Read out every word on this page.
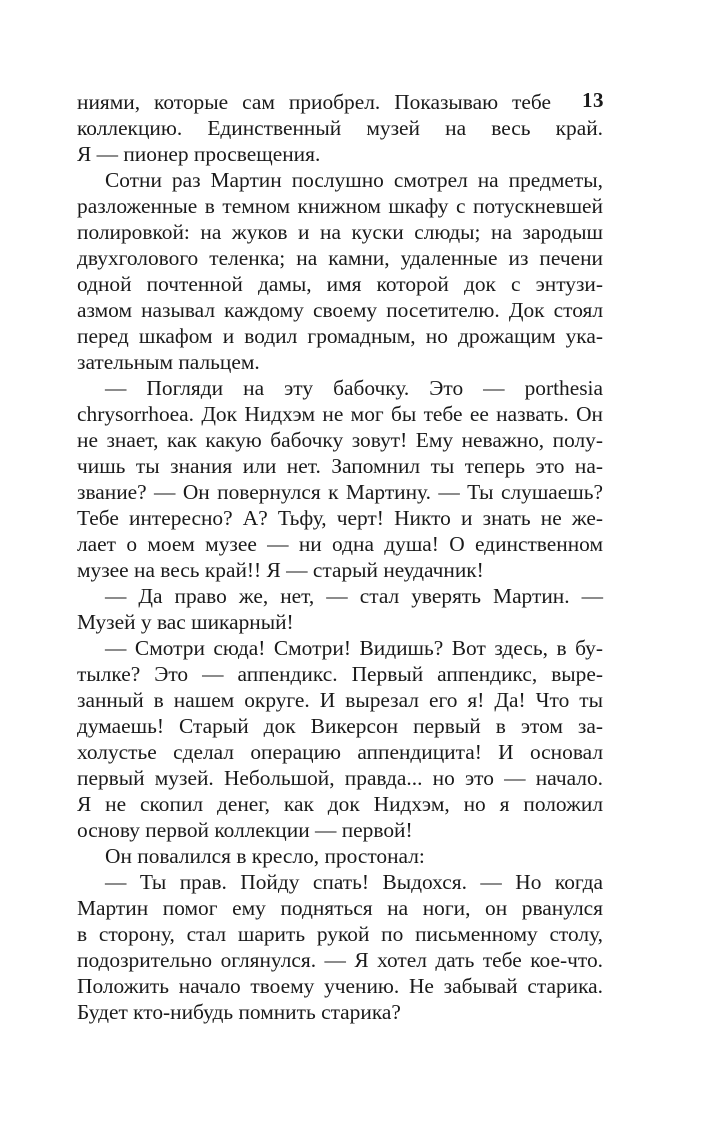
13
ниями, которые сам приобрел. Показываю тебе
коллекцию. Единственный музей на весь край.
Я — пионер просвещения.
Сотни раз Мартин послушно смотрел на предметы,
разложенные в темном книжном шкафу с потускневшей
полировкой: на жуков и на куски слюды; на зародыш
двухголового теленка; на камни, удаленные из печени
одной почтенной дамы, имя которой док с энтузи-
азмом называл каждому своему посетителю. Док стоял
перед шкафом и водил громадным, но дрожащим ука-
зательным пальцем.
— Погляди на эту бабочку. Это — porthesia
chrysorrhoea. Док Нидхэм не мог бы тебе ее назвать. Он
не знает, как какую бабочку зовут! Ему неважно, полу-
чишь ты знания или нет. Запомнил ты теперь это на-
звание? — Он повернулся к Мартину. — Ты слушаешь?
Тебе интересно? А? Тьфу, черт! Никто и знать не же-
лает о моем музее — ни одна душа! О единственном
музее на весь край!! Я — старый неудачник!
— Да право же, нет, — стал уверять Мартин. —
Музей у вас шикарный!
— Смотри сюда! Смотри! Видишь? Вот здесь, в бу-
тылке? Это — аппендикс. Первый аппендикс, выре-
занный в нашем округе. И вырезал его я! Да! Что ты
думаешь! Старый док Викерсон первый в этом за-
холустье сделал операцию аппендицита! И основал
первый музей. Небольшой, правда... но это — начало.
Я не скопил денег, как док Нидхэм, но я положил
основу первой коллекции — первой!
Он повалился в кресло, простонал:
— Ты прав. Пойду спать! Выдохся. — Но когда
Мартин помог ему подняться на ноги, он рванулся
в сторону, стал шарить рукой по письменному столу,
подозрительно оглянулся. — Я хотел дать тебе кое-что.
Положить начало твоему учению. Не забывай старика.
Будет кто-нибудь помнить старика?
